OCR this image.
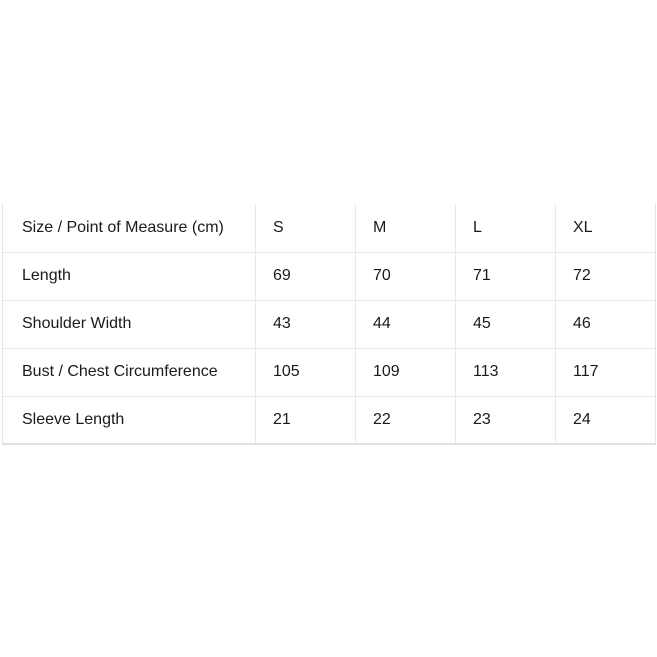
Size / Point of Measure (cm)	S	M	L	XL
Length	69	70	71	72
Shoulder Width	43	44	45	46
Bust / Chest Circumference	105	109	113	117
Sleeve Length	21	22	23	24
